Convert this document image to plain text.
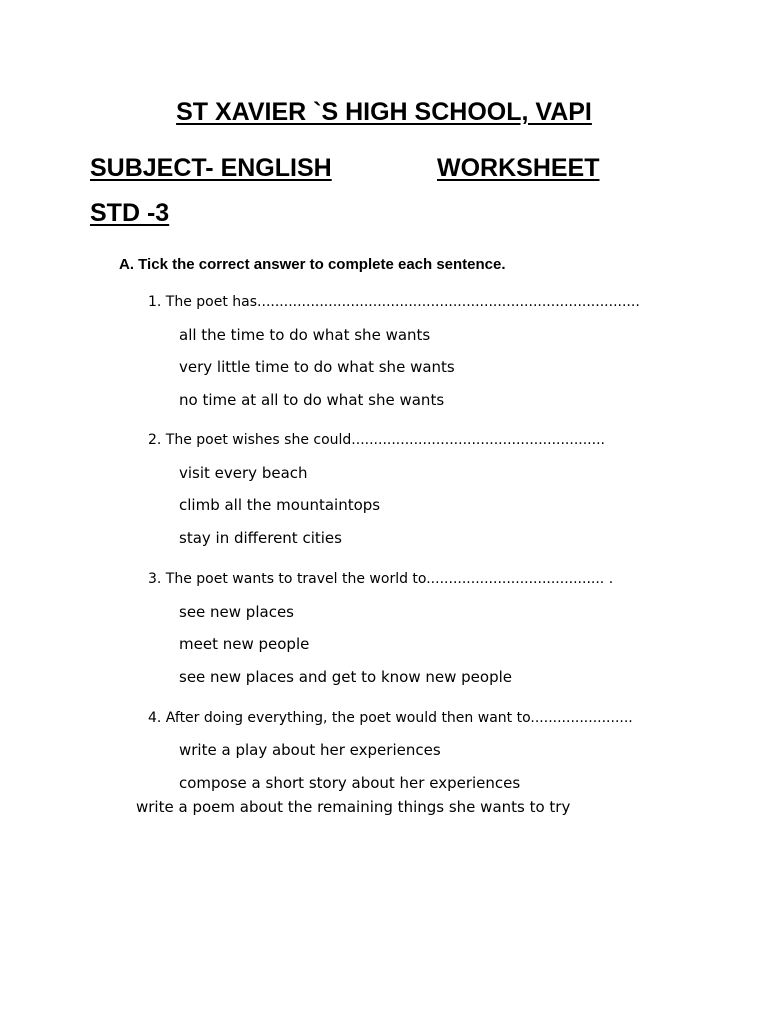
ST XAVIER `S HIGH SCHOOL, VAPI
SUBJECT- ENGLISH	WORKSHEET
STD -3
A. Tick the correct answer to complete each sentence.
1. The poet has......................................................................................
all the time to do what she wants
very little time to do what she wants
no time at all to do what she wants
2. The poet wishes she could.........................................................
visit every beach
climb all the mountaintops
stay in different cities
3. The poet wants to travel the world to........................................ .
see new places
meet new people
see new places and get to know new people
4. After doing everything, the poet would then want to.......................
write a play about her experiences
compose a short story about her experiences
write a poem about the remaining things she wants to try
